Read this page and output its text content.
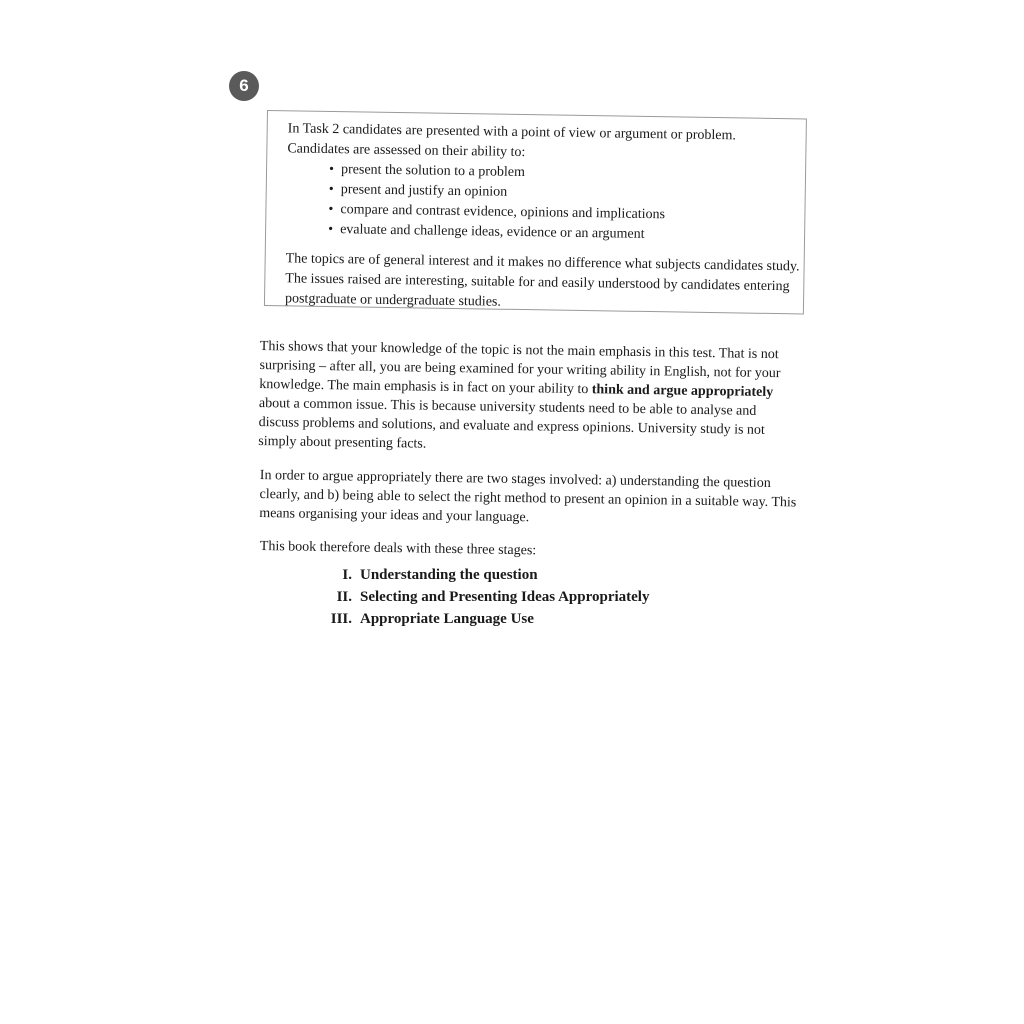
6

In Task 2 candidates are presented with a point of view or argument or problem. Candidates are assessed on their ability to:

• present the solution to a problem
• present and justify an opinion
• compare and contrast evidence, opinions and implications
• evaluate and challenge ideas, evidence or an argument

The topics are of general interest and it makes no difference what subjects candidates study. The issues raised are interesting, suitable for and easily understood by candidates entering postgraduate or undergraduate studies.

This shows that your knowledge of the topic is not the main emphasis in this test. That is not surprising – after all, you are being examined for your writing ability in English, not for your knowledge. The main emphasis is in fact on your ability to think and argue appropriately about a common issue. This is because university students need to be able to analyse and discuss problems and solutions, and evaluate and express opinions. University study is not simply about presenting facts.

In order to argue appropriately there are two stages involved: a) understanding the question clearly, and b) being able to select the right method to present an opinion in a suitable way. This means organising your ideas and your language.

This book therefore deals with these three stages:

I. Understanding the question
II. Selecting and Presenting Ideas Appropriately
III. Appropriate Language Use
